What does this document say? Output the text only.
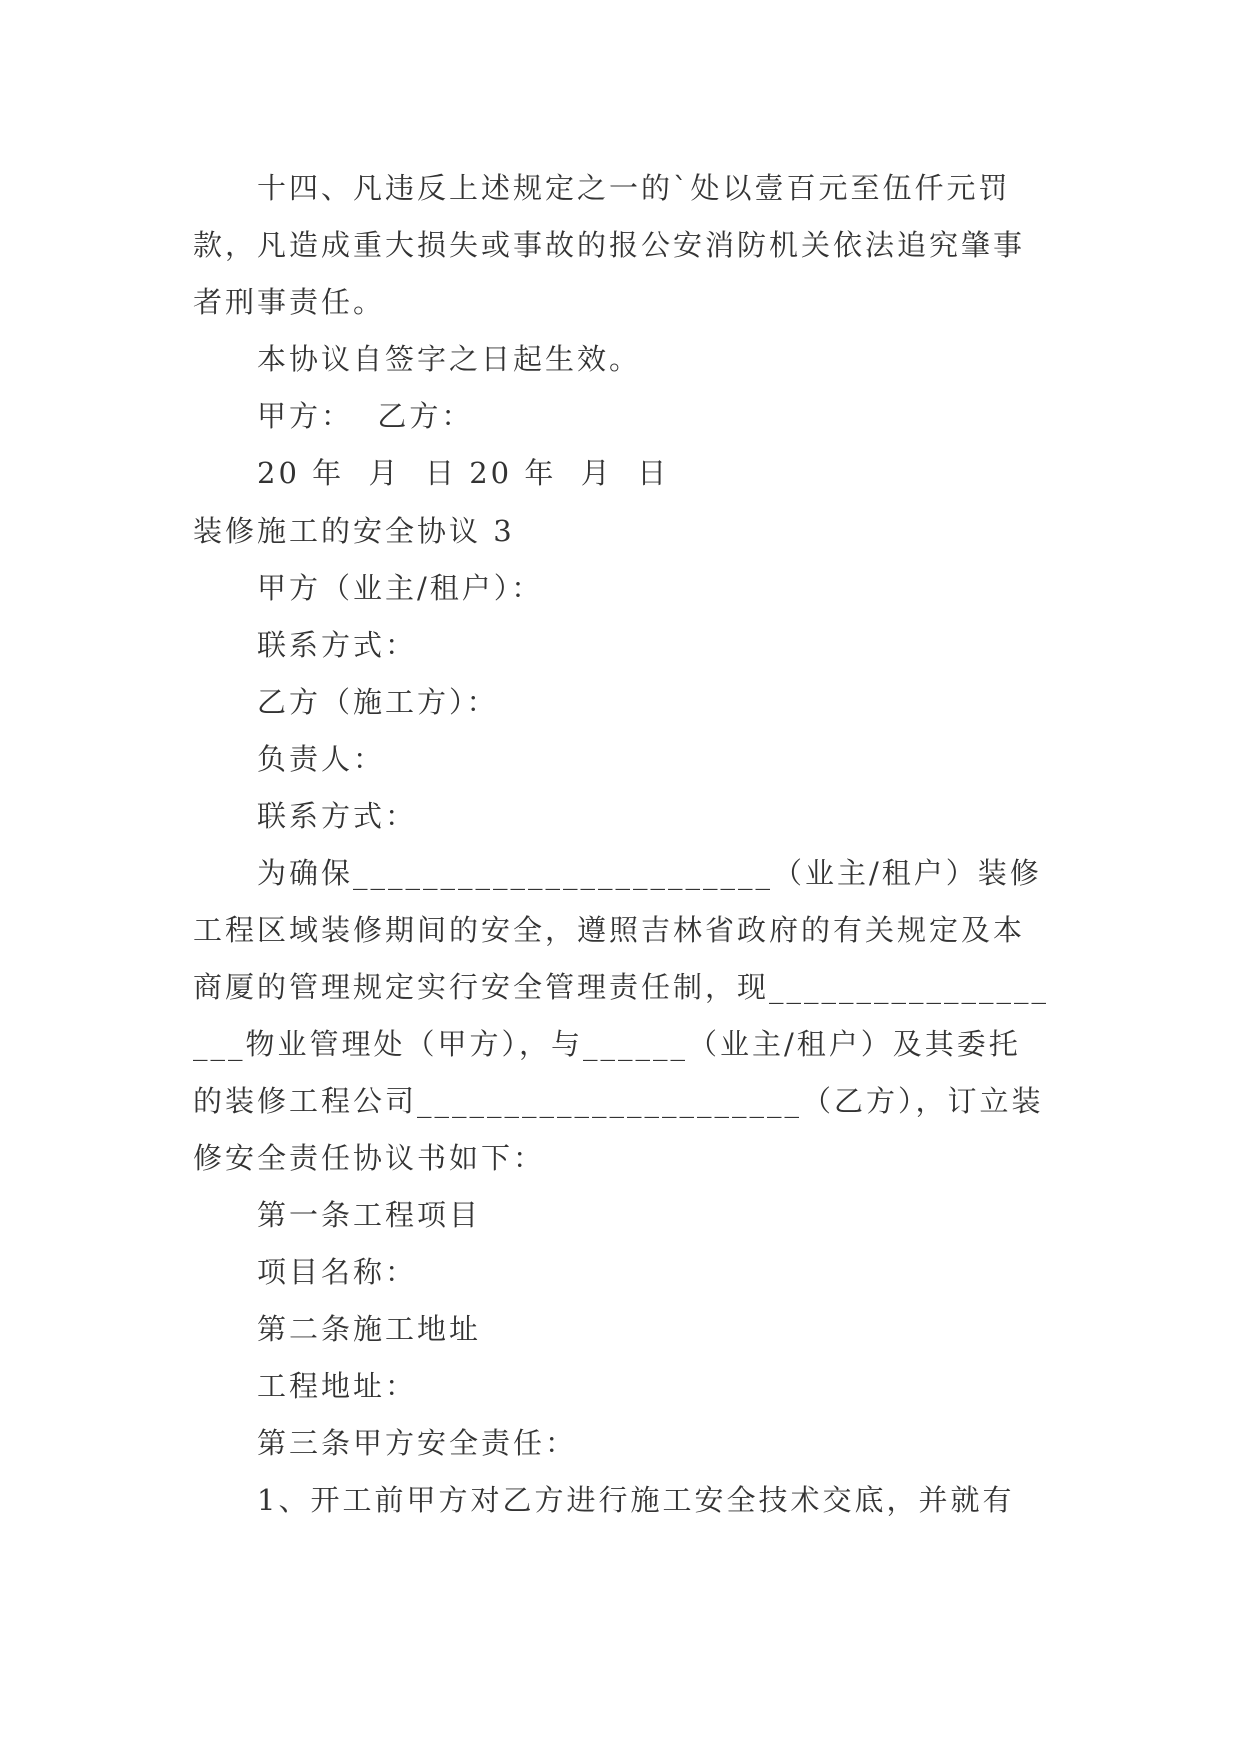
十四、凡违反上述规定之一的`处以壹百元至伍仟元罚款，凡造成重大损失或事故的报公安消防机关依法追究肇事者刑事责任。
本协议自签字之日起生效。
甲方：  乙方：
20 年  月  日 20 年  月  日
装修施工的安全协议 3
甲方（业主/租户）：
联系方式：
乙方（施工方）：
负责人：
联系方式：
为确保________________________（业主/租户）装修工程区域装修期间的安全，遵照吉林省政府的有关规定及本商厦的管理规定实行安全管理责任制，现___________________物业管理处（甲方），与______（业主/租户）及其委托的装修工程公司______________________（乙方），订立装修安全责任协议书如下：
第一条工程项目
项目名称：
第二条施工地址
工程地址：
第三条甲方安全责任：
1、开工前甲方对乙方进行施工安全技术交底，并就有
